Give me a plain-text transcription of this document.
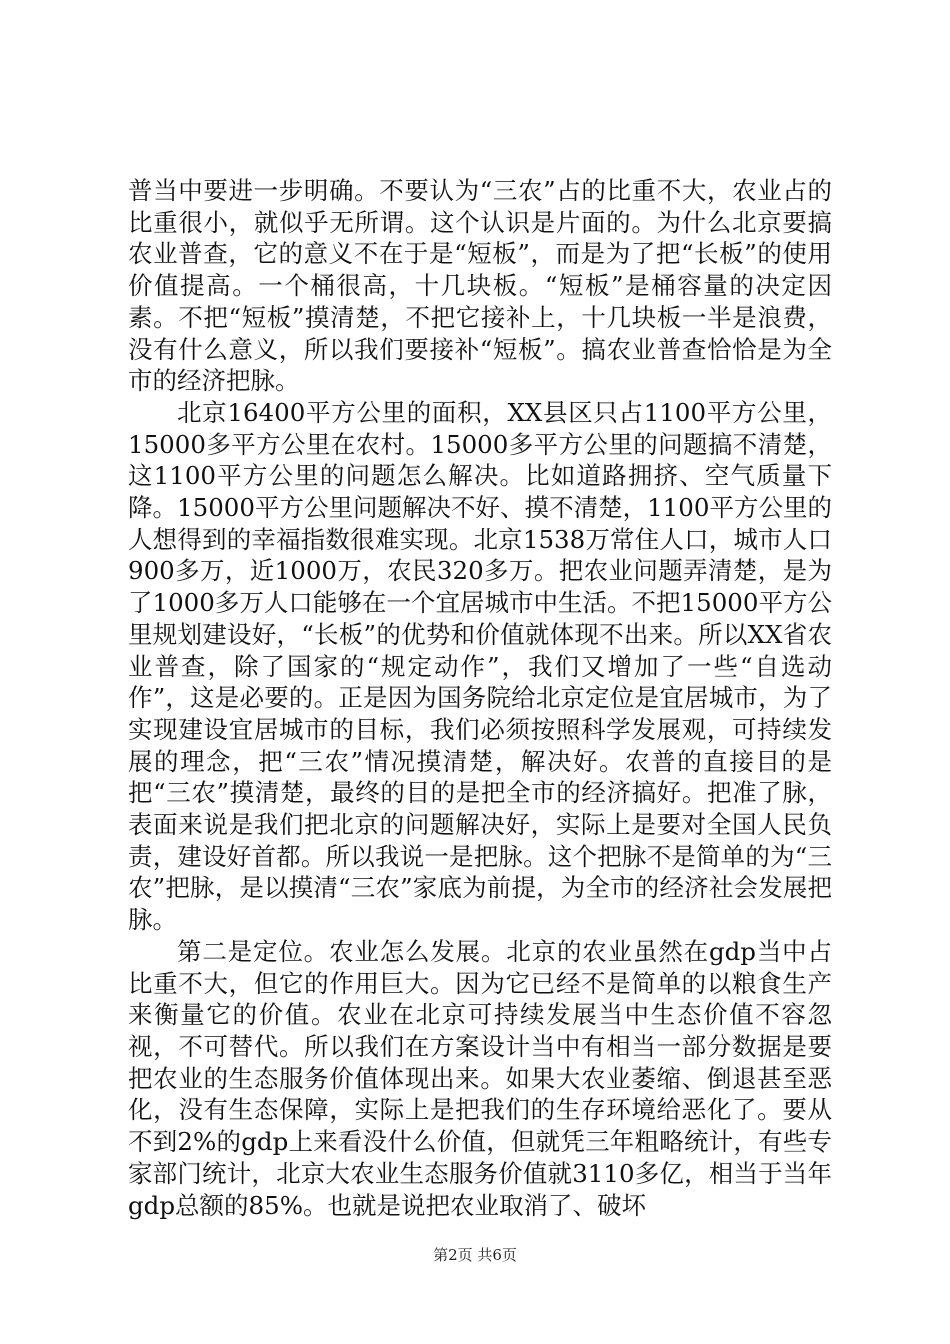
普当中要进一步明确。不要认为“三农”占的比重不大，农业占的比重很小，就似乎无所谓。这个认识是片面的。为什么北京要搞农业普查，它的意义不在于是“短板”，而是为了把“长板”的使用价值提高。一个桶很高，十几块板。“短板”是桶容量的决定因素。不把“短板”摸清楚，不把它接补上，十几块板一半是浪费，没有什么意义，所以我们要接补“短板”。搞农业普查恰恰是为全市的经济把脉。

北京16400平方公里的面积，XX县区只占1100平方公里，15000多平方公里在农村。15000多平方公里的问题搞不清楚，这1100平方公里的问题怎么解决。比如道路拥挤、空气质量下降。15000平方公里问题解决不好、摸不清楚，1100平方公里的人想得到的幸福指数很难实现。北京1538万常住人口，城市人口900多万，近1000万，农民320多万。把农业问题弄清楚，是为了1000多万人口能够在一个宜居城市中生活。不把15000平方公里规划建设好，“长板”的优势和价值就体现不出来。所以XX省农业普查，除了国家的“规定动作”，我们又增加了一些“自选动作”，这是必要的。正是因为国务院给北京定位是宜居城市，为了实现建设宜居城市的目标，我们必须按照科学发展观，可持续发展的理念，把“三农”情况摸清楚，解决好。农普的直接目的是把“三农”摸清楚，最终的目的是把全市的经济搞好。把准了脉，表面来说是我们把北京的问题解决好，实际上是要对全国人民负责，建设好首都。所以我说一是把脉。这个把脉不是简单的为“三农”把脉，是以摸清“三农”家底为前提，为全市的经济社会发展把脉。

第二是定位。农业怎么发展。北京的农业虽然在gdp当中占比重不大，但它的作用巨大。因为它已经不是简单的以粮食生产来衡量它的价值。农业在北京可持续发展当中生态价值不容忽视，不可替代。所以我们在方案设计当中有相当一部分数据是要把农业的生态服务价值体现出来。如果大农业萎缩、倒退甚至恶化，没有生态保障，实际上是把我们的生存环境给恶化了。要从不到2%的gdp上来看没什么价值，但就凭三年粗略统计，有些专家部门统计，北京大农业生态服务价值就3110多亿，相当于当年gdp总额的85%。也就是说把农业取消了、破坏

第2页 共6页
